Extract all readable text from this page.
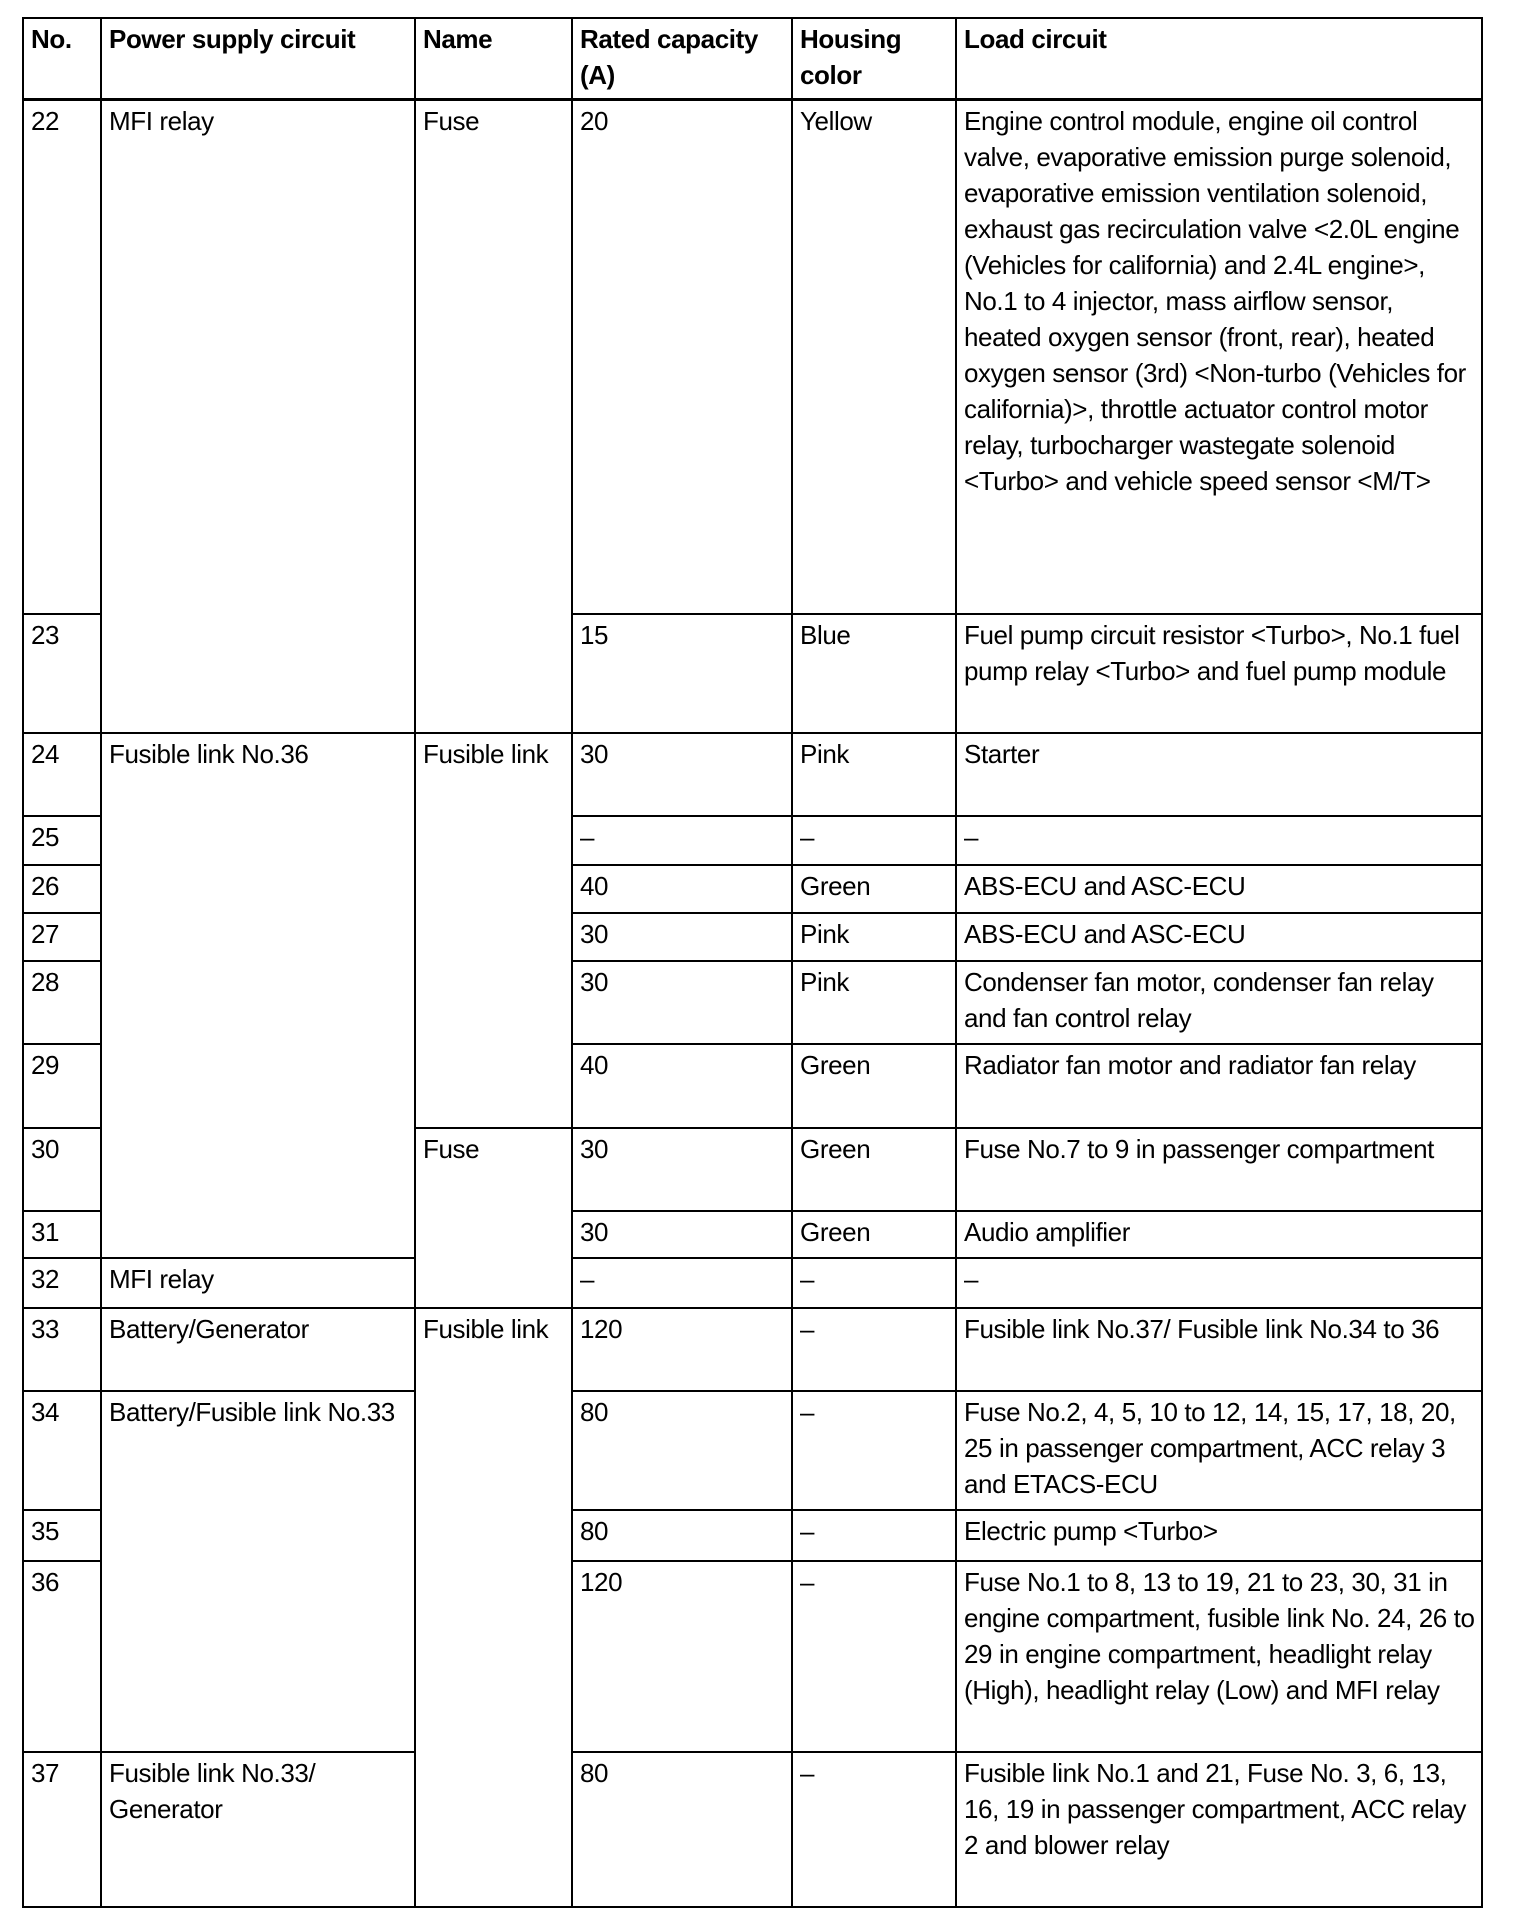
No.	Power supply circuit	Name	Rated capacity (A)	Housing color	Load circuit
22	MFI relay	Fuse	20	Yellow	Engine control module, engine oil control valve, evaporative emission purge solenoid, evaporative emission ventilation solenoid, exhaust gas recirculation valve <2.0L engine (Vehicles for california) and 2.4L engine>, No.1 to 4 injector, mass airflow sensor, heated oxygen sensor (front, rear), heated oxygen sensor (3rd) <Non-turbo (Vehicles for california)>, throttle actuator control motor relay, turbocharger wastegate solenoid <Turbo> and vehicle speed sensor <M/T>
23			15	Blue	Fuel pump circuit resistor <Turbo>, No.1 fuel pump relay <Turbo> and fuel pump module
24	Fusible link No.36	Fusible link	30	Pink	Starter
25			–	–	–
26			40	Green	ABS-ECU and ASC-ECU
27			30	Pink	ABS-ECU and ASC-ECU
28			30	Pink	Condenser fan motor, condenser fan relay and fan control relay
29			40	Green	Radiator fan motor and radiator fan relay
30		Fuse	30	Green	Fuse No.7 to 9 in passenger compartment
31			30	Green	Audio amplifier
32	MFI relay		–	–	–
33	Battery/Generator	Fusible link	120	–	Fusible link No.37/ Fusible link No.34 to 36
34	Battery/Fusible link No.33		80	–	Fuse No.2, 4, 5, 10 to 12, 14, 15, 17, 18, 20, 25 in passenger compartment, ACC relay 3 and ETACS-ECU
35			80	–	Electric pump <Turbo>
36			120	–	Fuse No.1 to 8, 13 to 19, 21 to 23, 30, 31 in engine compartment, fusible link No. 24, 26 to 29 in engine compartment, headlight relay (High), headlight relay (Low) and MFI relay
37	Fusible link No.33/ Generator		80	–	Fusible link No.1 and 21, Fuse No. 3, 6, 13, 16, 19 in passenger compartment, ACC relay 2 and blower relay
